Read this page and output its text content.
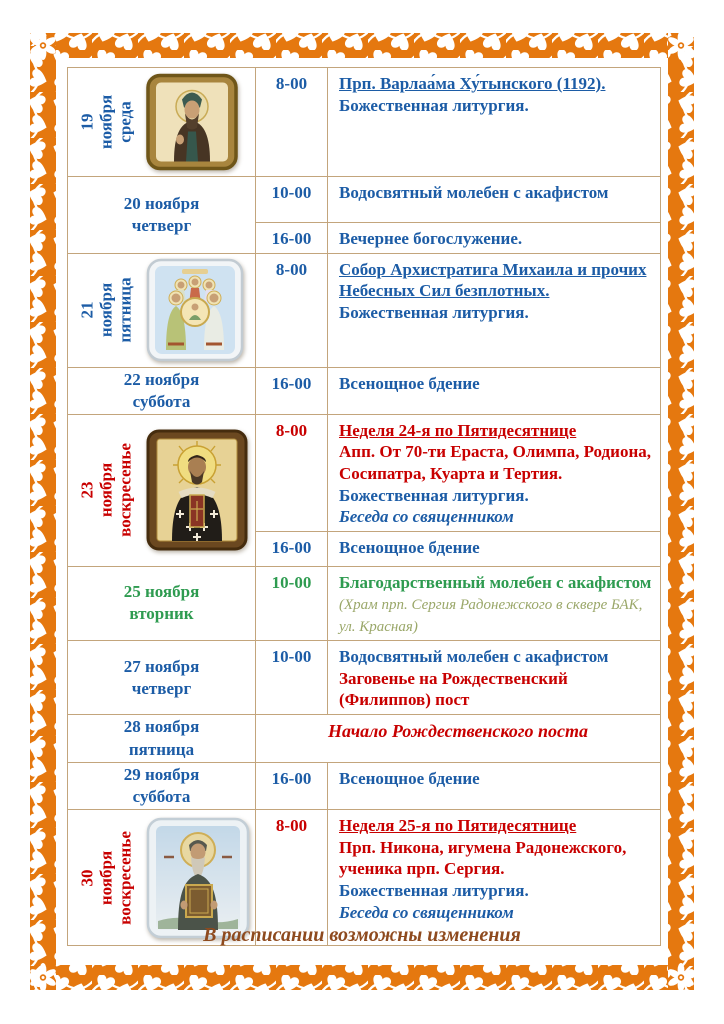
19
ноября
среда
	8-00	Прп. Варлаа́ма Ху́тынского (1192).
Божественная литургия.

20 ноября
четверг	10-00	Водосвятный молебен с акафистом

	16-00	Вечернее богослужение.

21
ноября
пятница
	8-00	Собор Архистратига Михаила и прочих Небесных Сил безплотных.
Божественная литургия.

22 ноября
суббота	16-00	Всенощное бдение

23
ноября
воскресенье
	8-00	Неделя 24-я по Пятидесятнице
Апп. От 70-ти Ераста, Олимпа, Родиона, Сосипатра, Куарта и Тертия. Божественная литургия.
Беседа со священником

	16-00	Всенощное бдение

25 ноября
вторник	10-00	Благодарственный молебен с акафистом (Храм прп. Сергия Радонежского в сквере БАК, ул. Красная)

27 ноября
четверг
	10-00	Водосвятный молебен с акафистом
Заговенье на Рождественский (Филиппов) пост

28 ноября
пятница	Начало Рождественского поста	

29 ноября
суббота	16-00	Всенощное бдение

30
ноября
воскресенье
	8-00	Неделя 25-я по Пятидесятнице
Прп. Никона, игумена Радонежского, ученика прп. Сергия.
Божественная литургия.
Беседа со священником
В расписании возможны изменения
